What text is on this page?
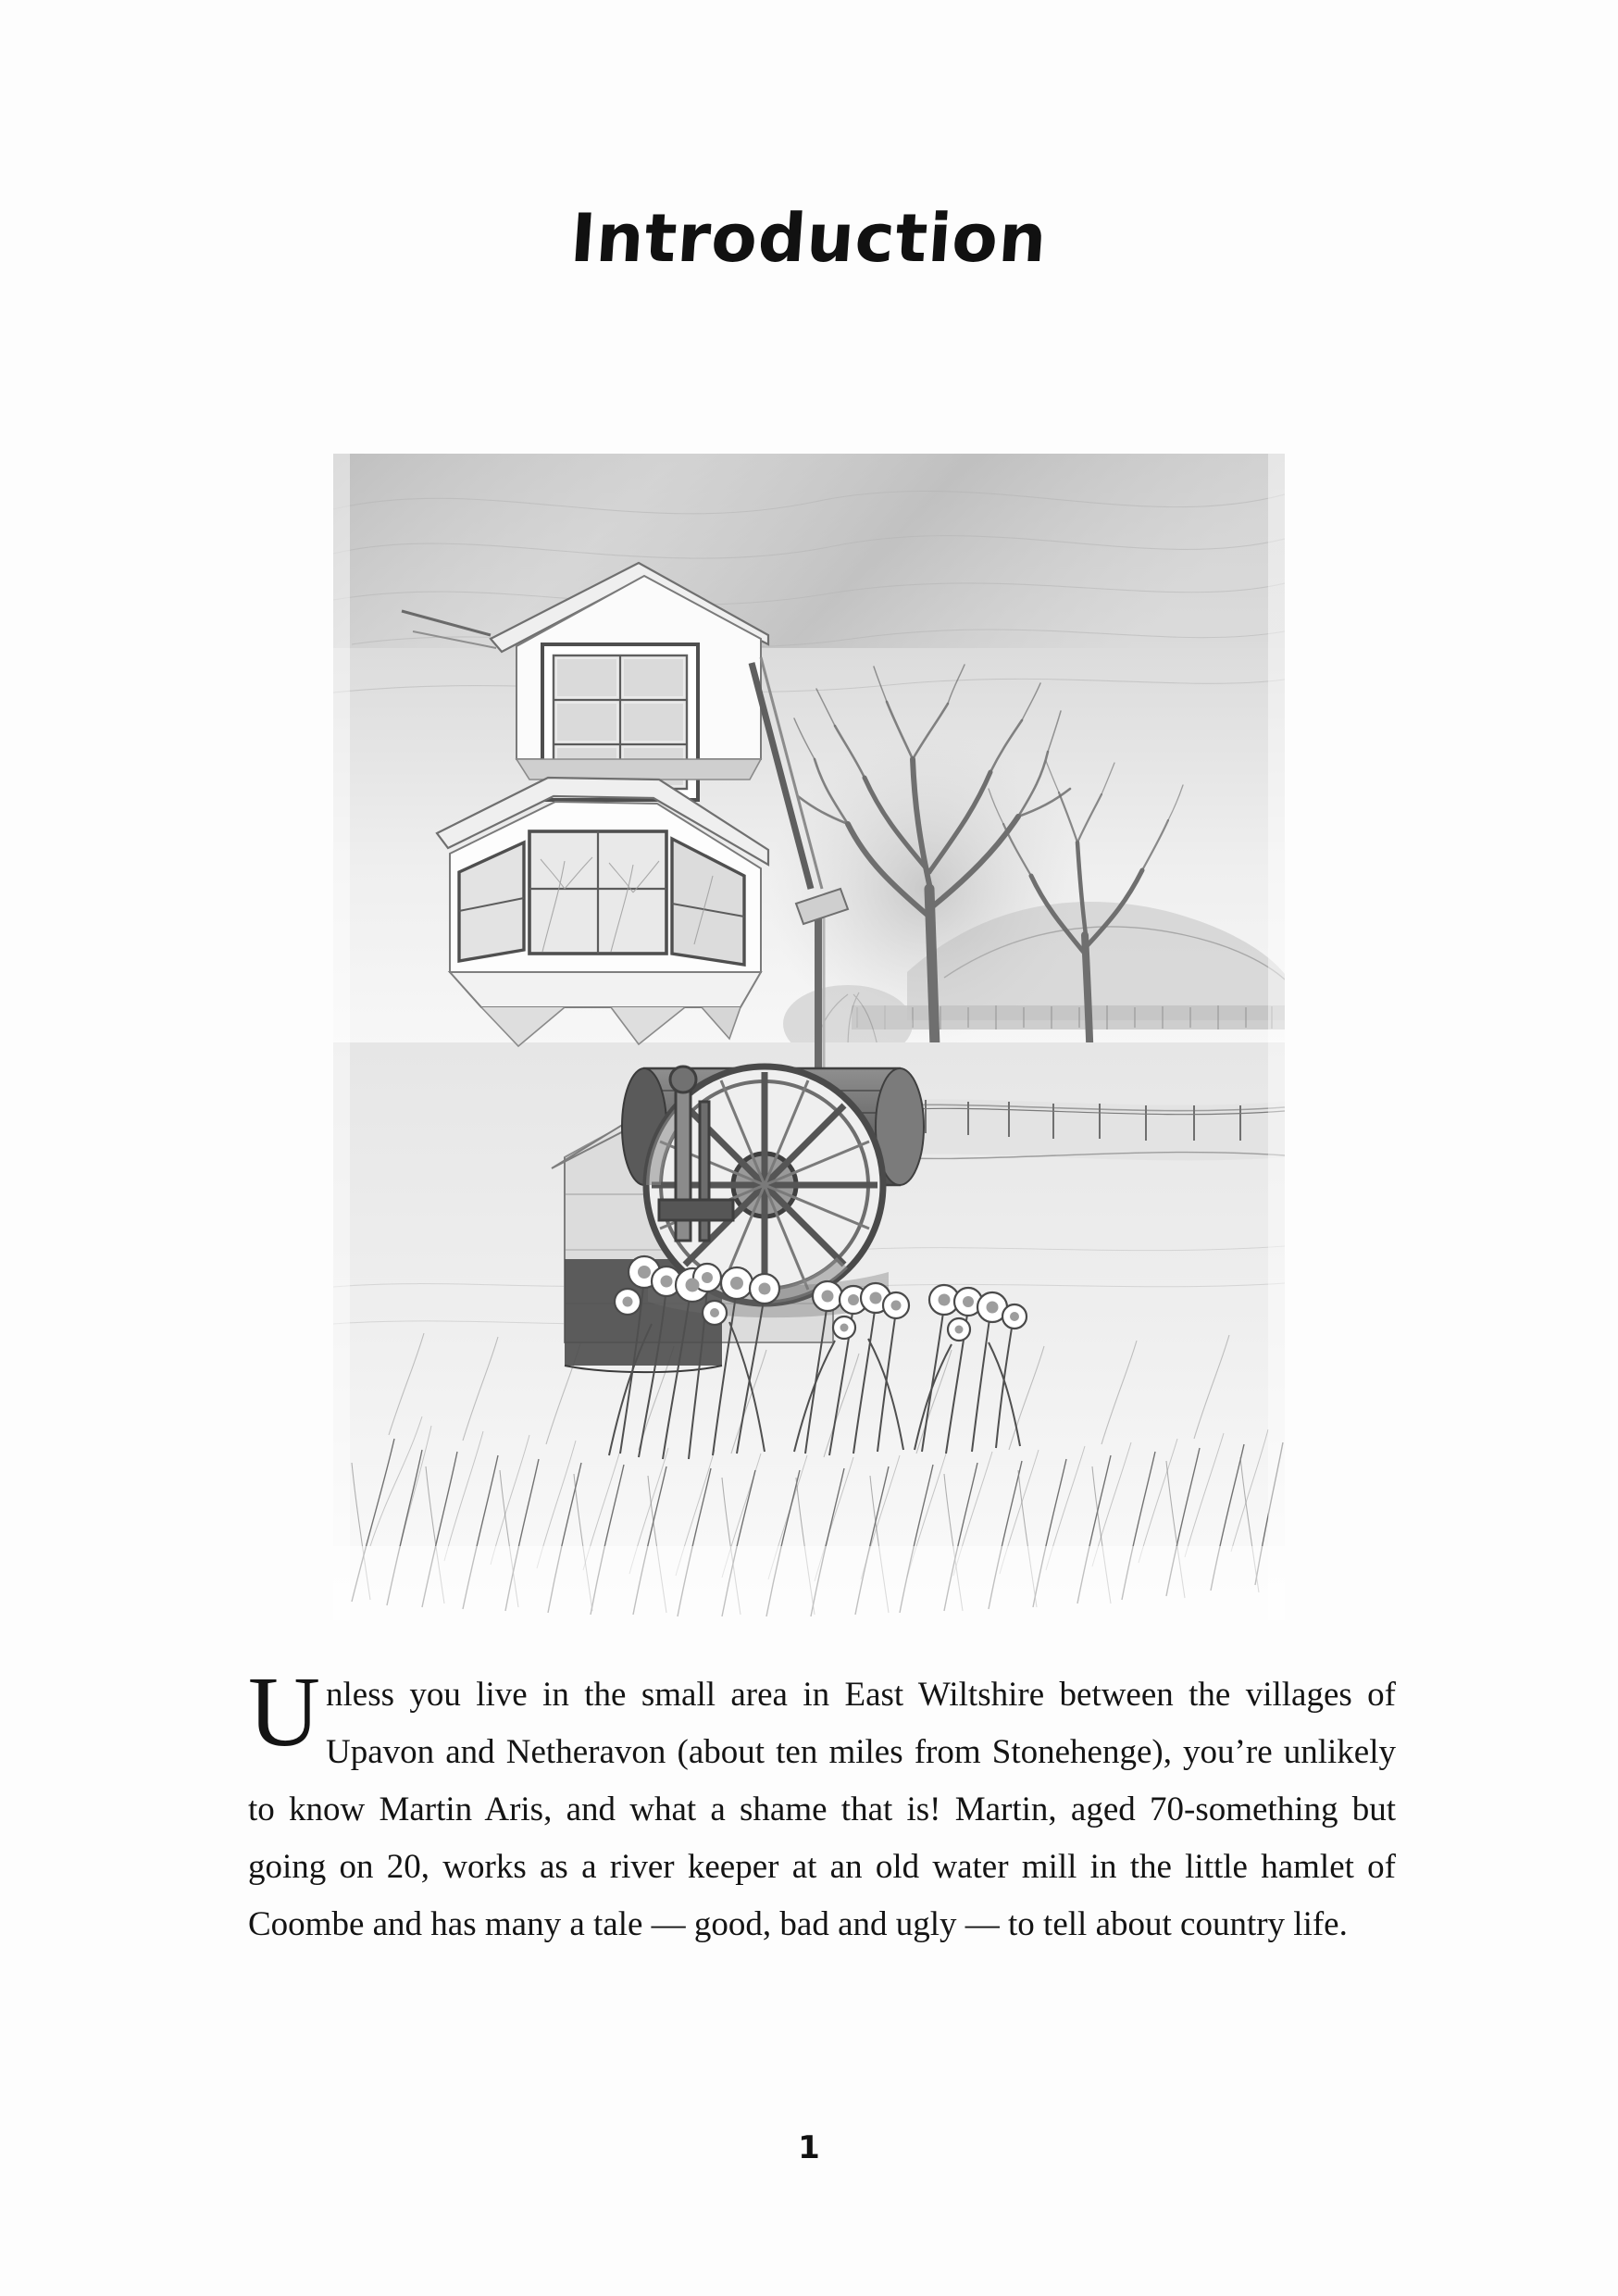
Introduction

Unless you live in the small area in East Wiltshire between the villages of Upavon and Netheravon (about ten miles from Stonehenge), you’re unlikely to know Martin Aris, and what a shame that is! Martin, aged 70-something but going on 20, works as a river keeper at an old water mill in the little hamlet of Coombe and has many a tale — good, bad and ugly — to tell about country life.

1
